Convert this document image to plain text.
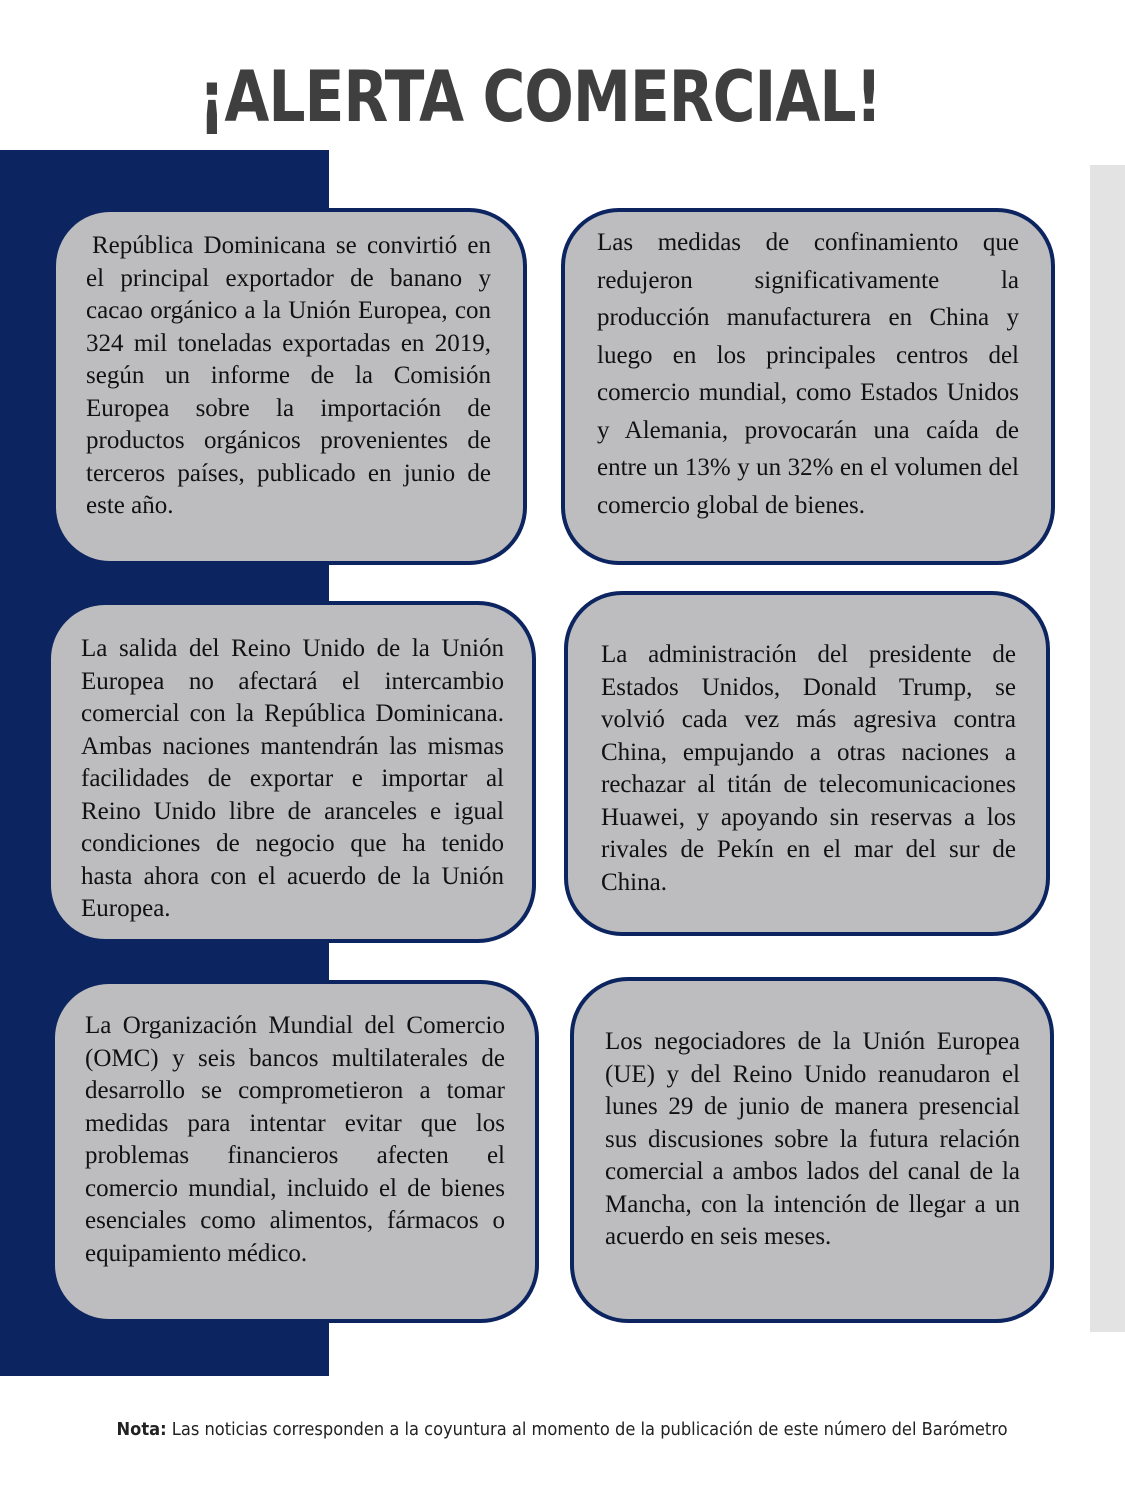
¡ALERTA COMERCIAL!

República Dominicana se convirtió en el principal exportador de banano y cacao orgánico a la Unión Europea, con 324 mil toneladas exportadas en 2019, según un informe de la Comisión Europea sobre la importación de productos orgánicos provenientes de terceros países, publicado en junio de este año.

Las medidas de confinamiento que redujeron significativamente la producción manufacturera en China y luego en los principales centros del comercio mundial, como Estados Unidos y Alemania, provocarán una caída de entre un 13% y un 32% en el volumen del comercio global de bienes.

La salida del Reino Unido de la Unión Europea no afectará el intercambio comercial con la República Dominicana. Ambas naciones mantendrán las mismas facilidades de exportar e importar al Reino Unido libre de aranceles e igual condiciones de negocio que ha tenido hasta ahora con el acuerdo de la Unión Europea.

La administración del presidente de Estados Unidos, Donald Trump, se volvió cada vez más agresiva contra China, empujando a otras naciones a rechazar al titán de telecomunicaciones Huawei, y apoyando sin reservas a los rivales de Pekín en el mar del sur de China.

La Organización Mundial del Comercio (OMC) y seis bancos multilaterales de desarrollo se comprometieron a tomar medidas para intentar evitar que los problemas financieros afecten el comercio mundial, incluido el de bienes esenciales como alimentos, fármacos o equipamiento médico.

Los negociadores de la Unión Europea (UE) y del Reino Unido reanudaron el lunes 29 de junio de manera presencial sus discusiones sobre la futura relación comercial a ambos lados del canal de la Mancha, con la intención de llegar a un acuerdo en seis meses.

Nota: Las noticias corresponden a la coyuntura al momento de la publicación de este número del Barómetro
